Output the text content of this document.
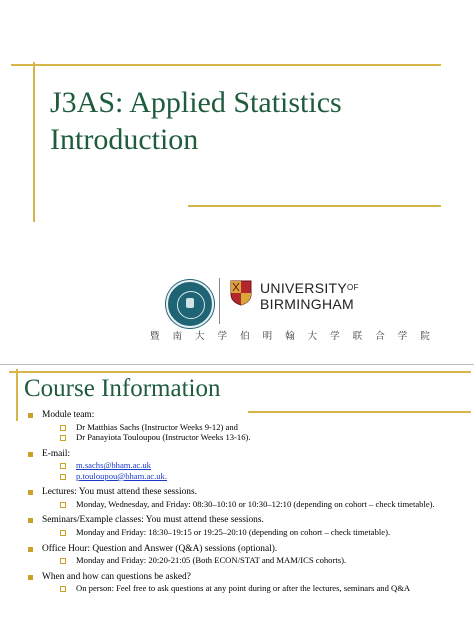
J3AS: Applied Statistics
Introduction
$UNIVERSITY^{OF}$
BIRMINGHAM
暨 南 大 学 伯 明 翰 大 学 联 合 学 院
Course Information
Module team:
Dr Matthias Sachs (Instructor Weeks 9-12) and
Dr Panayiota Touloupou (Instructor Weeks 13-16).
E-mail:
m.sachs@bham.ac.uk
p.touloupou@bham.ac.uk.
Lectures: You must attend these sessions.
Monday, Wednesday, and Friday: 08:30–10:10 or 10:30–12:10 (depending on cohort – check timetable).
Seminars/Example classes: You must attend these sessions.
Monday and Friday: 18:30–19:15 or 19:25–20:10 (depending on cohort – check timetable).
Office Hour: Question and Answer (Q&A) sessions (optional).
Monday and Friday: 20:20-21:05 (Both ECON/STAT and MAM/ICS cohorts).
When and how can questions be asked?
On person: Feel free to ask questions at any point during or after the lectures, seminars and Q&A
